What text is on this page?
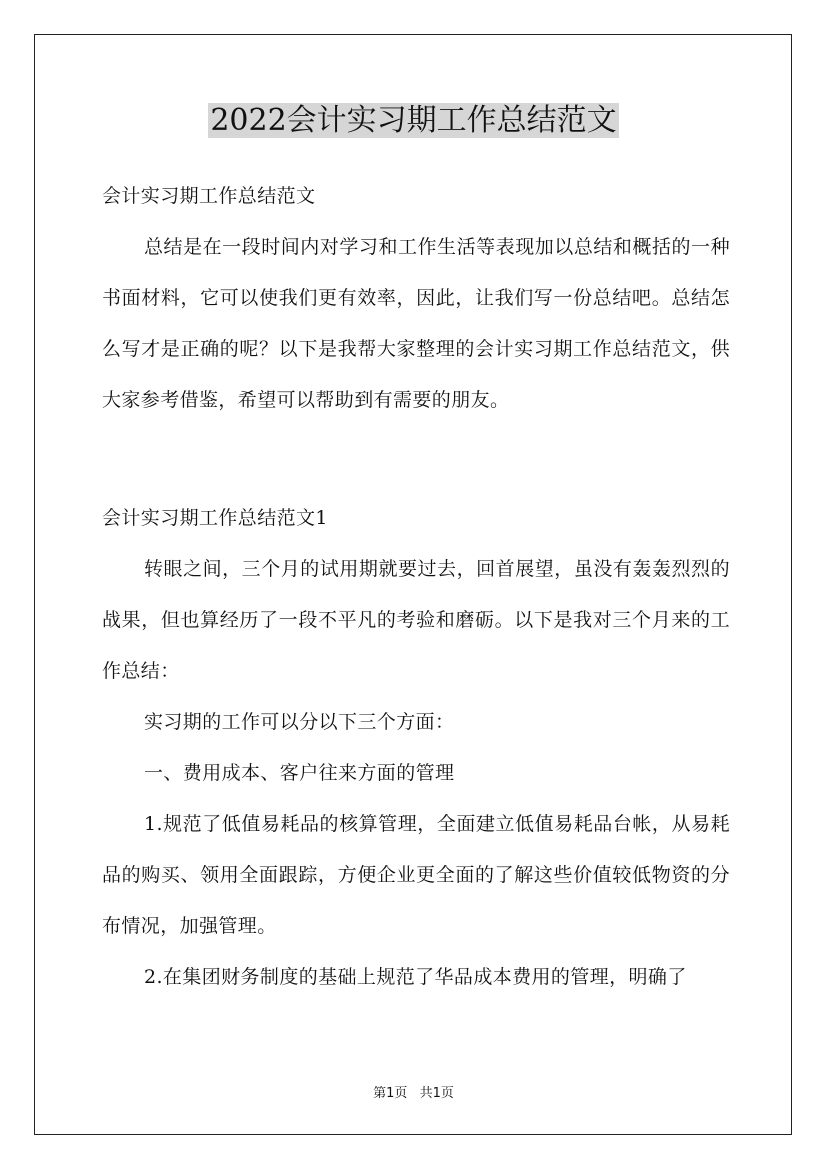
2022会计实习期工作总结范文

会计实习期工作总结范文

总结是在一段时间内对学习和工作生活等表现加以总结和概括的一种书面材料，它可以使我们更有效率，因此，让我们写一份总结吧。总结怎么写才是正确的呢？以下是我帮大家整理的会计实习期工作总结范文，供大家参考借鉴，希望可以帮助到有需要的朋友。

会计实习期工作总结范文1

转眼之间，三个月的试用期就要过去，回首展望，虽没有轰轰烈烈的战果，但也算经历了一段不平凡的考验和磨砺。以下是我对三个月来的工作总结：

实习期的工作可以分以下三个方面：

一、费用成本、客户往来方面的管理

1.规范了低值易耗品的核算管理，全面建立低值易耗品台帐，从易耗品的购买、领用全面跟踪，方便企业更全面的了解这些价值较低物资的分布情况，加强管理。

2.在集团财务制度的基础上规范了华品成本费用的管理，明确了

第1页 共1页
